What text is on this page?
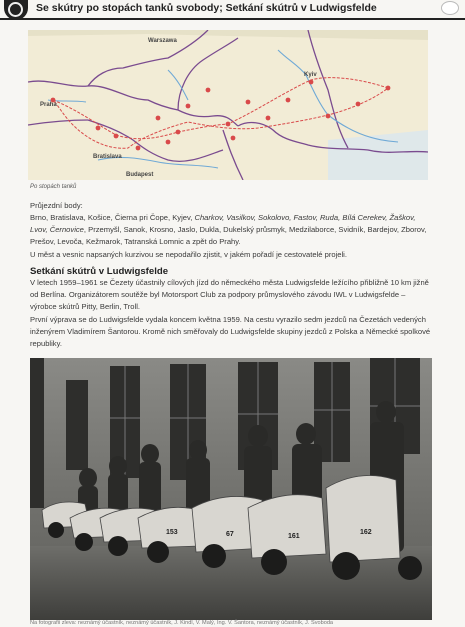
Se skútry po stopách tanků svobody; Setkání skútrů v Ludwigsfelde
Warszawa
Kyiv
Praha
Bratislava
Budapest
Po stopách tanků
Průjezdní body:
Brno, Bratislava, Košice, Čierna pri Čope, Kyjev, Charkov, Vasilkov, Sokolovo, Fastov, Ruda, Bílá Cerekev, Žaškov, Lvov, Černovice, Przemyšl, Sanok, Krosno, Jaslo, Dukla, Dukelský průsmyk, Medzilaborce, Svidník, Bardejov, Zborov, Prešov, Levoča, Kežmarok, Tatranská Lomnic a zpět do Prahy.
U měst a vesnic napsaných kurzivou se nepodařilo zjistit, v jakém pořadí je cestovatelé projeli.
Setkání skútrů v Ludwigsfelde
V letech 1959–1961 se Čezety účastnily cílových jízd do německého města Ludwigsfelde ležícího přibližně 10 km jižně od Berlína. Organizátorem soutěže byl Motorsport Club za podpory průmyslového závodu IWL v Ludwigsfelde – výrobce skútrů Pitty, Berlin, Troll.
První výprava se do Ludwigsfelde vydala koncem května 1959. Na cestu vyrazilo sedm jezdců na Čezetách vedených inženýrem Vladimírem Šantorou. Kromě nich směřovaly do Ludwigsfelde skupiny jezdců z Polska a Německé spolkové republiky.
153	67	161
162
Na fotografii zleva: neznámý účastník, neznámý účastník, J. Kindl, V. Malý, Ing. V. Šantora, neznámý účastník, J. Svoboda
